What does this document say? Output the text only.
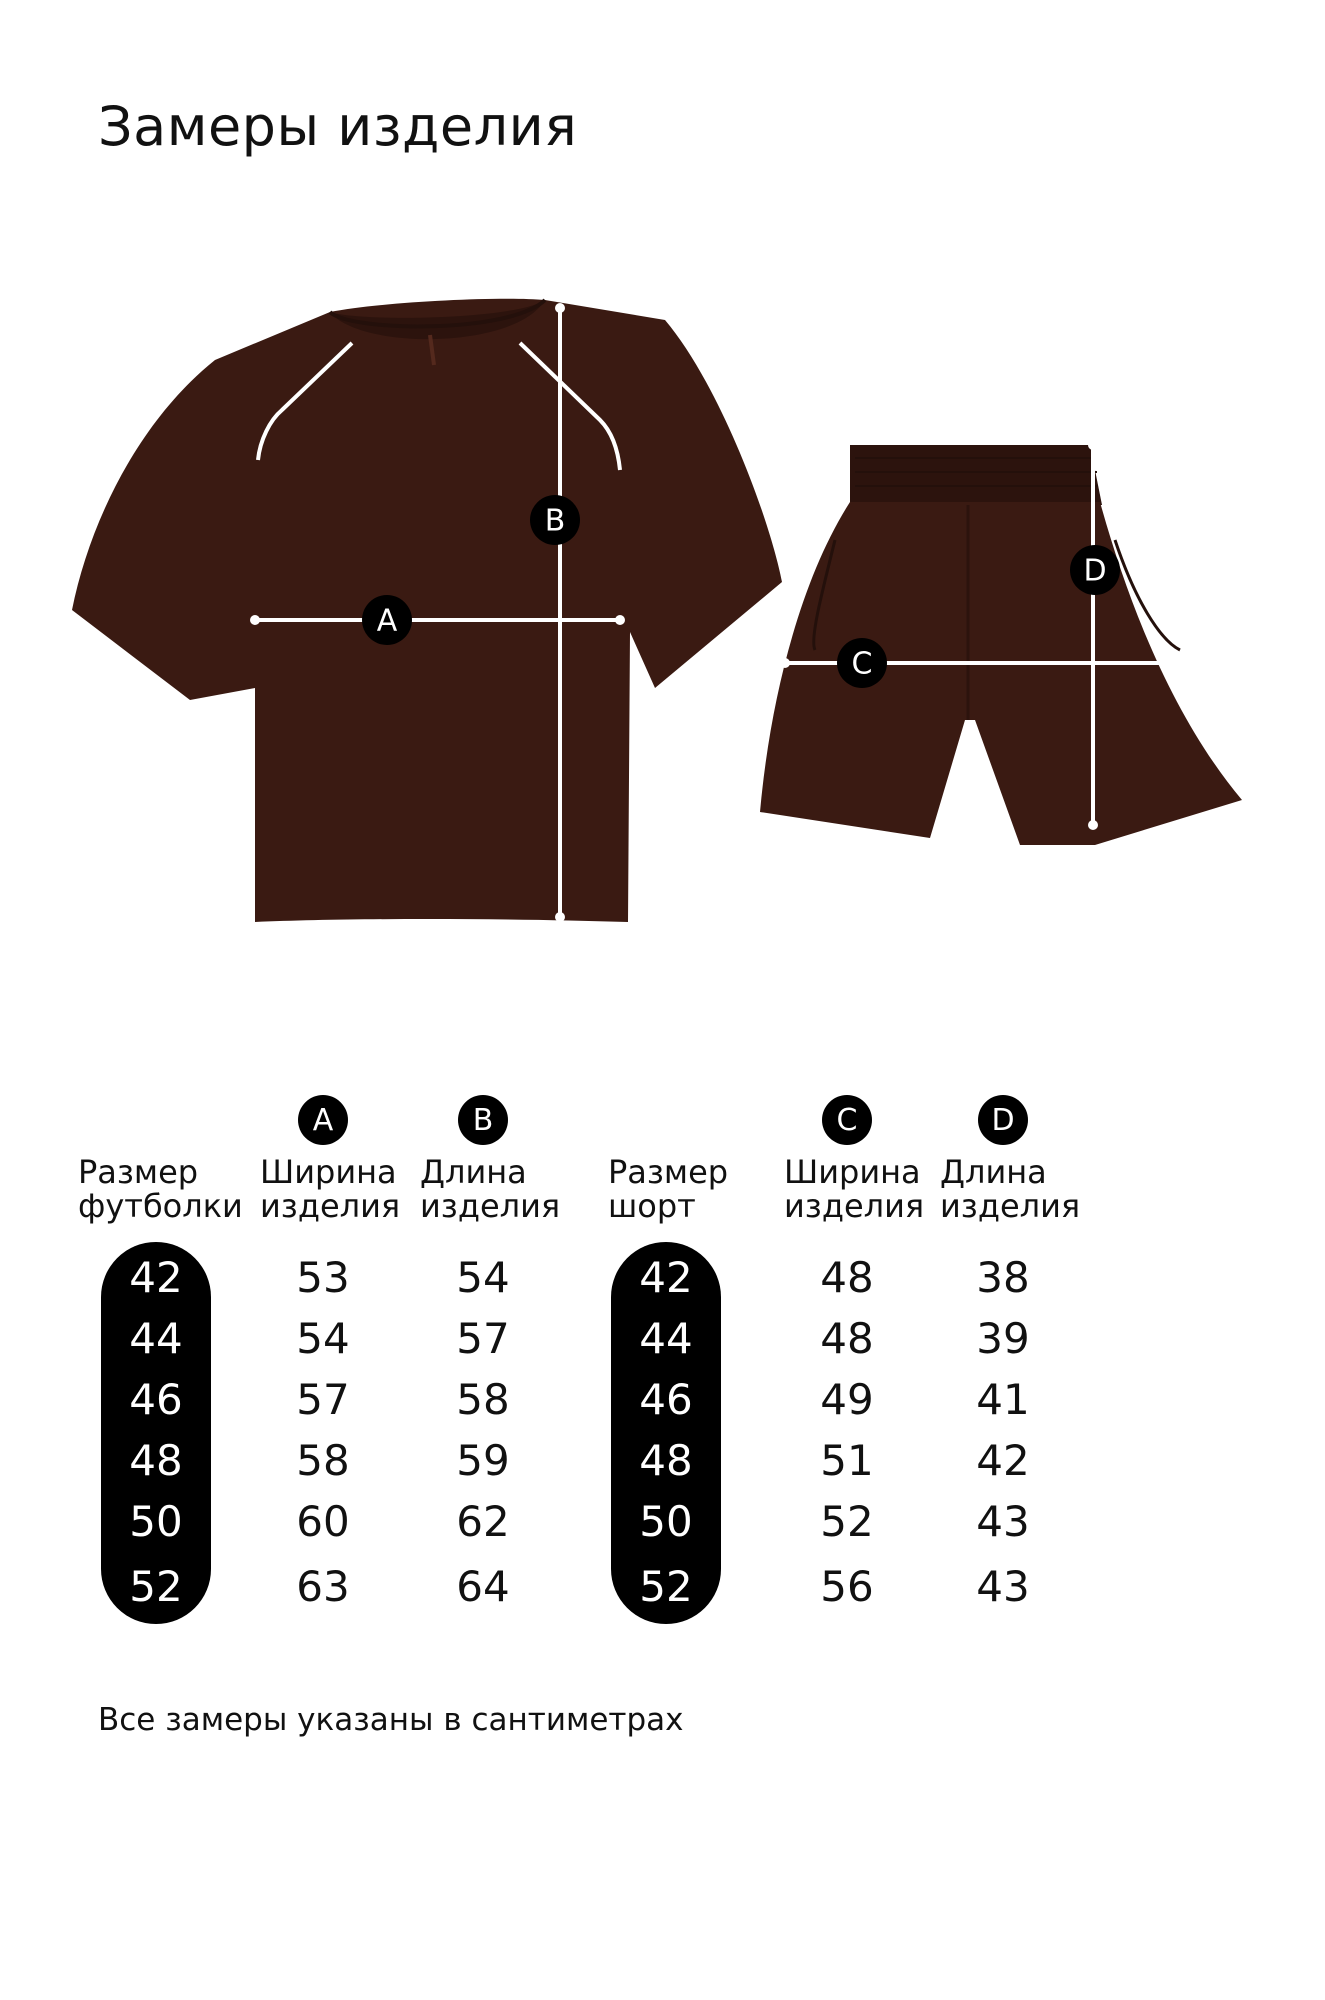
Замеры изделия
A
B
C
D
A	B
Размер
футболки
Ширина
изделия
Длина
изделия
42	53	54
44	54	57
46	57	58
48	58	59
50	60	62
52	63	64
C	D
Размер
шорт
Ширина
изделия
Длина
изделия
42	48	38
44	48	39
46	49	41
48	51	42
50	52	43
52	56	43
Все замеры указаны в сантиметрах
